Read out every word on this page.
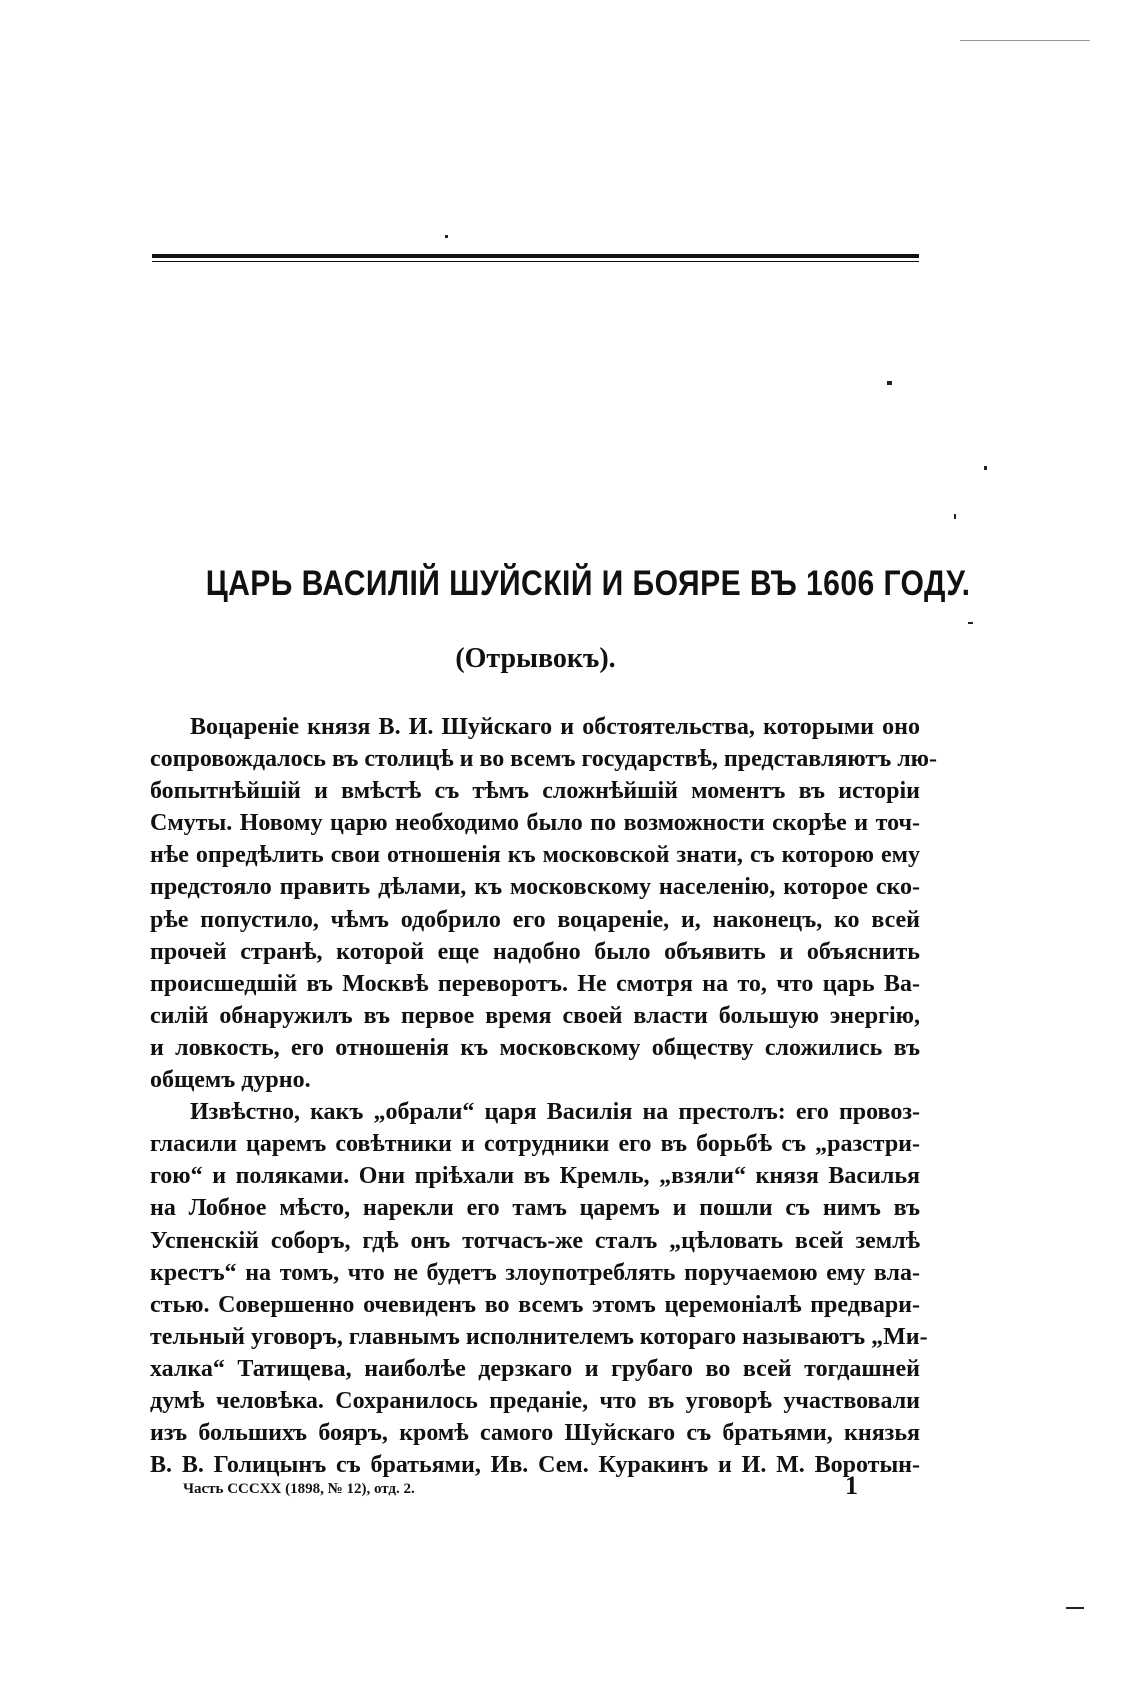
ЦАРЬ ВАСИЛІЙ ШУЙСКІЙ И БОЯРЕ ВЪ 1606 ГОДУ.
(Отрывокъ).
Воцареніе князя В. И. Шуйскаго и обстоятельства, которыми оно
сопровождалось въ столицѣ и во всемъ государствѣ, представляютъ лю-
бопытнѣйшій и вмѣстѣ съ тѣмъ сложнѣйшій моментъ въ исторіи
Смуты. Новому царю необходимо было по возможности скорѣе и точ-
нѣе опредѣлить свои отношенія къ московской знати, съ которою ему
предстояло править дѣлами, къ московскому населенію, которое ско-
рѣе попустило, чѣмъ одобрило его воцареніе, и, наконецъ, ко всей
прочей странѣ, которой еще надобно было объявить и объяснить
происшедшій въ Москвѣ переворотъ. Не смотря на то, что царь Ва-
силій обнаружилъ въ первое время своей власти большую энергію,
и ловкость, его отношенія къ московскому обществу сложились въ
общемъ дурно.
Извѣстно, какъ „обрали“ царя Василія на престолъ: его провоз-
гласили царемъ совѣтники и сотрудники его въ борьбѣ съ „разстри-
гою“ и поляками. Они пріѣхали въ Кремль, „взяли“ князя Василья
на Лобное мѣсто, нарекли его тамъ царемъ и пошли съ нимъ въ
Успенскій соборъ, гдѣ онъ тотчасъ-же сталъ „цѣловать всей землѣ
крестъ“ на томъ, что не будетъ злоупотреблять поручаемою ему вла-
стью. Совершенно очевиденъ во всемъ этомъ церемоніалѣ предвари-
тельный уговоръ, главнымъ исполнителемъ котораго называютъ „Ми-
халка“ Татищева, наиболѣе дерзкаго и грубаго во всей тогдашней
думѣ человѣка. Сохранилось преданіе, что въ уговорѣ участвовали
изъ большихъ бояръ, кромѣ самого Шуйскаго съ братьями, князья
В. В. Голицынъ съ братьями, Ив. Сем. Куракинъ и И. М. Воротын-
Часть CCCXX (1898, № 12), отд. 2.	1
